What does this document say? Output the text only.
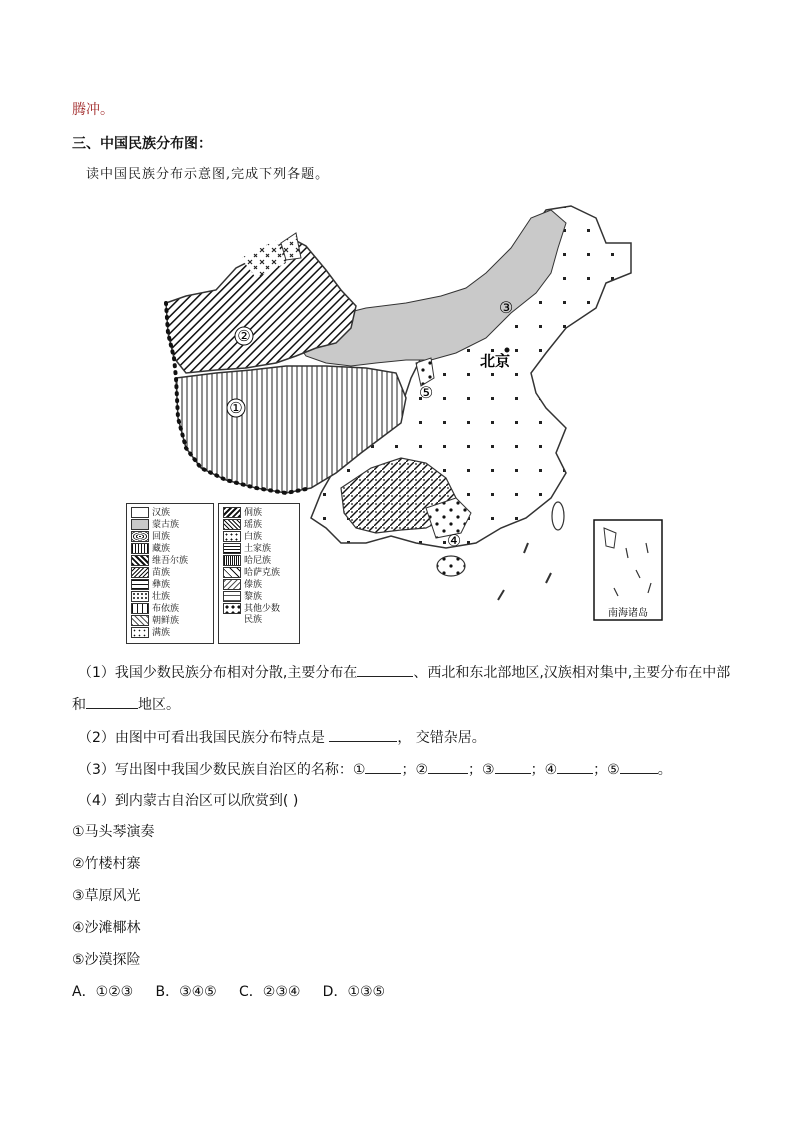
腾冲。
三、中国民族分布图：
读中国民族分布示意图,完成下列各题。
①
②
③
④
⑤
北京
南海诸岛
汉族
蒙古族
回族
藏族
维吾尔族
苗族
彝族
壮族
布依族
朝鲜族
满族
侗族
瑶族
白族
土家族
哈尼族
哈萨克族
傣族
黎族
其他少数
民族
（1）我国少数民族分布相对分散,主要分布在	、西北和东北部地区,汉族相对集中,主要分布在中部
和	地区。
（2）由图中可看出我国民族分布特点是	， 交错杂居。
（3）写出图中我国少数民族自治区的名称：①	；②	；③	；④	；⑤	。
（4）到内蒙古自治区可以欣赏到( )
①马头琴演奏
②竹楼村寨
③草原风光
④沙滩椰林
⑤沙漠探险
A．①②③     B．③④⑤     C．②③④     D．①③⑤
